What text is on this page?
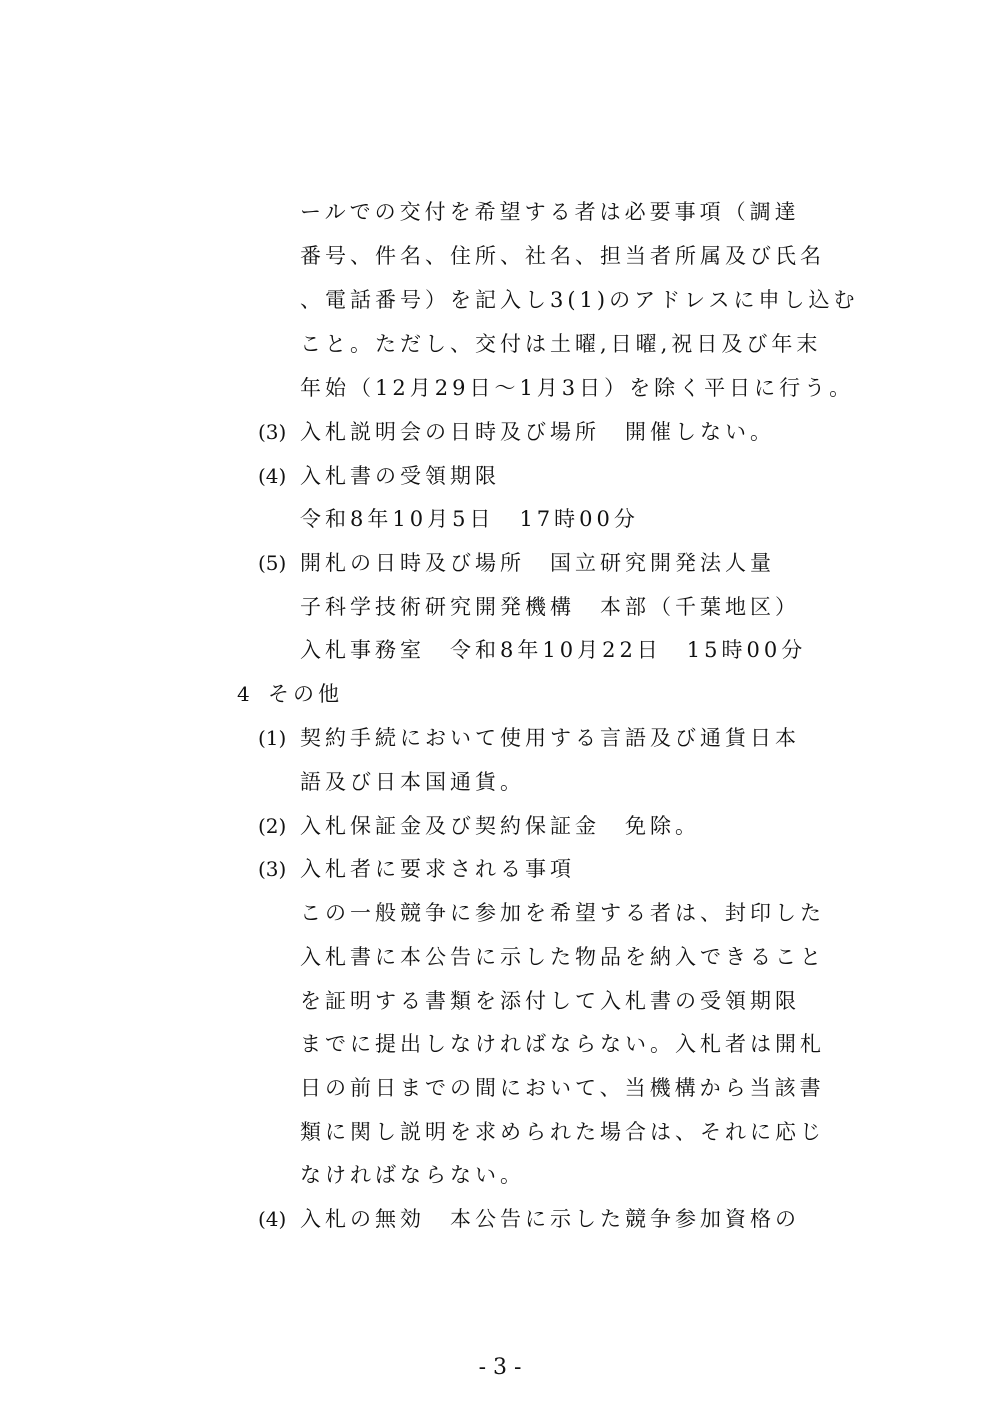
ールでの交付を希望する者は必要事項（調達
番号、件名、住所、社名、担当者所属及び氏名
、電話番号）を記入し3(1)のアドレスに申し込む
こと。ただし、交付は土曜,日曜,祝日及び年末
年始（12月29日～1月3日）を除く平日に行う。
(3) 入札説明会の日時及び場所　開催しない。
(4) 入札書の受領期限
令和8年10月5日　17時00分
(5) 開札の日時及び場所　国立研究開発法人量
子科学技術研究開発機構　本部（千葉地区）
入札事務室　令和8年10月22日　15時00分
4 その他
(1) 契約手続において使用する言語及び通貨日本
語及び日本国通貨。
(2) 入札保証金及び契約保証金　免除。
(3) 入札者に要求される事項
この一般競争に参加を希望する者は、封印した
入札書に本公告に示した物品を納入できること
を証明する書類を添付して入札書の受領期限
までに提出しなければならない。入札者は開札
日の前日までの間において、当機構から当該書
類に関し説明を求められた場合は、それに応じ
なければならない。
(4) 入札の無効　本公告に示した競争参加資格の
- 3 -
